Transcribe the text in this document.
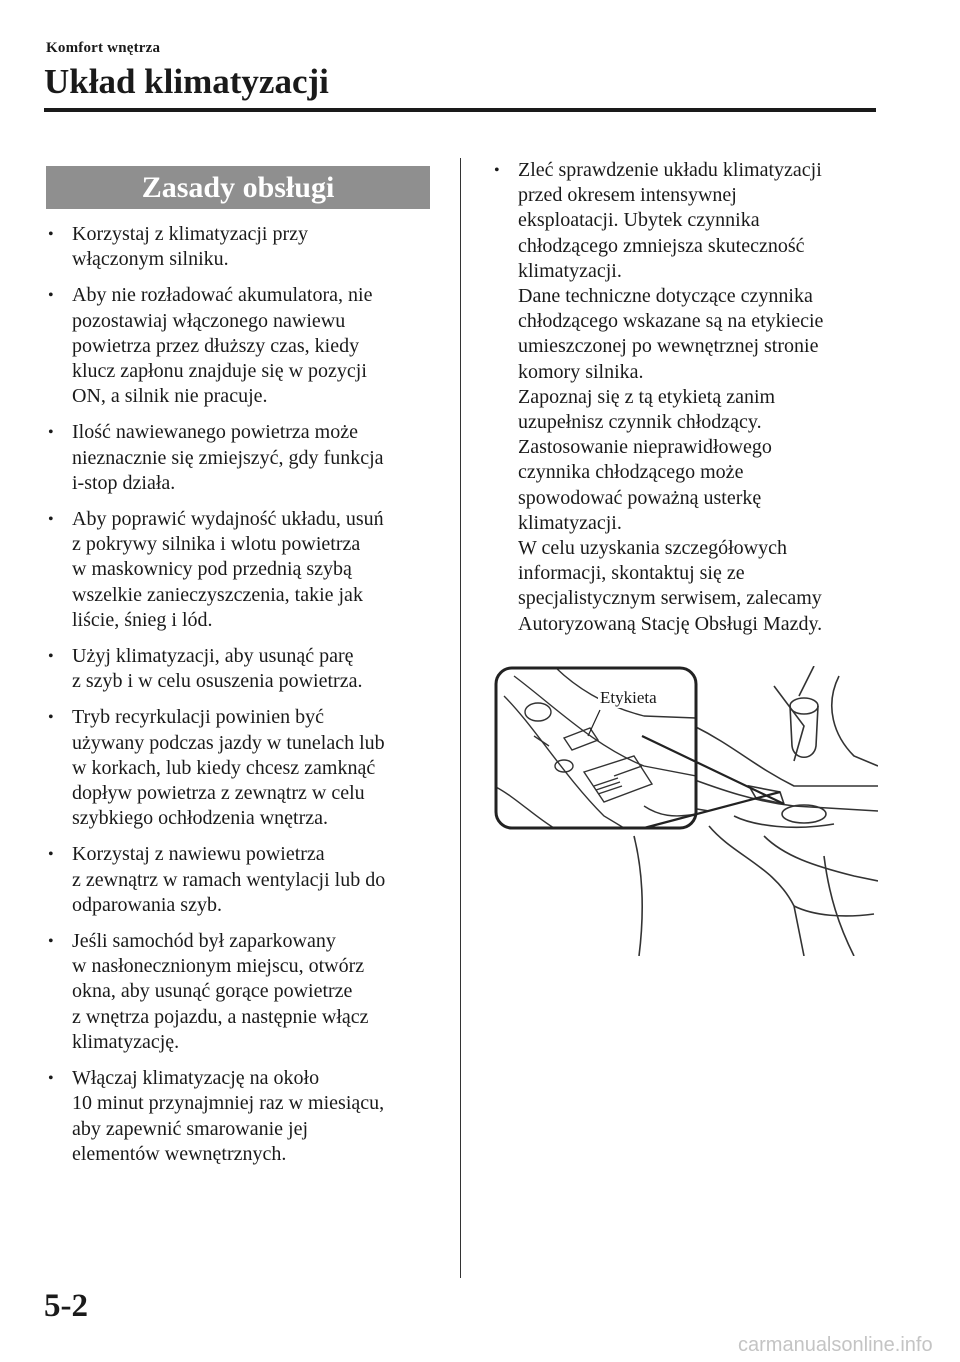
Komfort wnętrza
Układ klimatyzacji
Zasady obsługi
• Korzystaj z klimatyzacji przy
włączonym silniku.

• Aby nie rozładować akumulatora, nie
pozostawiaj włączonego nawiewu
powietrza przez dłuższy czas, kiedy
klucz zapłonu znajduje się w pozycji
ON, a silnik nie pracuje.

• Ilość nawiewanego powietrza może
nieznacznie się zmiejszyć, gdy funkcja
i-stop działa.

• Aby poprawić wydajność układu, usuń
z pokrywy silnika i wlotu powietrza
w maskownicy pod przednią szybą
wszelkie zanieczyszczenia, takie jak
liście, śnieg i lód.

• Użyj klimatyzacji, aby usunąć parę
z szyb i w celu osuszenia powietrza.

• Tryb recyrkulacji powinien być
używany podczas jazdy w tunelach lub
w korkach, lub kiedy chcesz zamknąć
dopływ powietrza z zewnątrz w celu
szybkiego ochłodzenia wnętrza.

• Korzystaj z nawiewu powietrza
z zewnątrz w ramach wentylacji lub do
odparowania szyb.

• Jeśli samochód był zaparkowany
w nasłonecznionym miejscu, otwórz
okna, aby usunąć gorące powietrze
z wnętrza pojazdu, a następnie włącz
klimatyzację.

• Włączaj klimatyzację na około
10 minut przynajmniej raz w miesiącu,
aby zapewnić smarowanie jej
elementów wewnętrznych.

• Zleć sprawdzenie układu klimatyzacji
przed okresem intensywnej
eksploatacji. Ubytek czynnika
chłodzącego zmniejsza skuteczność
klimatyzacji.
Dane techniczne dotyczące czynnika
chłodzącego wskazane są na etykiecie
umieszczonej po wewnętrznej stronie
komory silnika.
Zapoznaj się z tą etykietą zanim
uzupełnisz czynnik chłodzący.
Zastosowanie nieprawidłowego
czynnika chłodzącego może
spowodować poważną usterkę
klimatyzacji.
W celu uzyskania szczegółowych
informacji, skontaktuj się ze
specjalistycznym serwisem, zalecamy
Autoryzowaną Stację Obsługi Mazdy.

Etykieta
5-2
carmanualsonline.info
